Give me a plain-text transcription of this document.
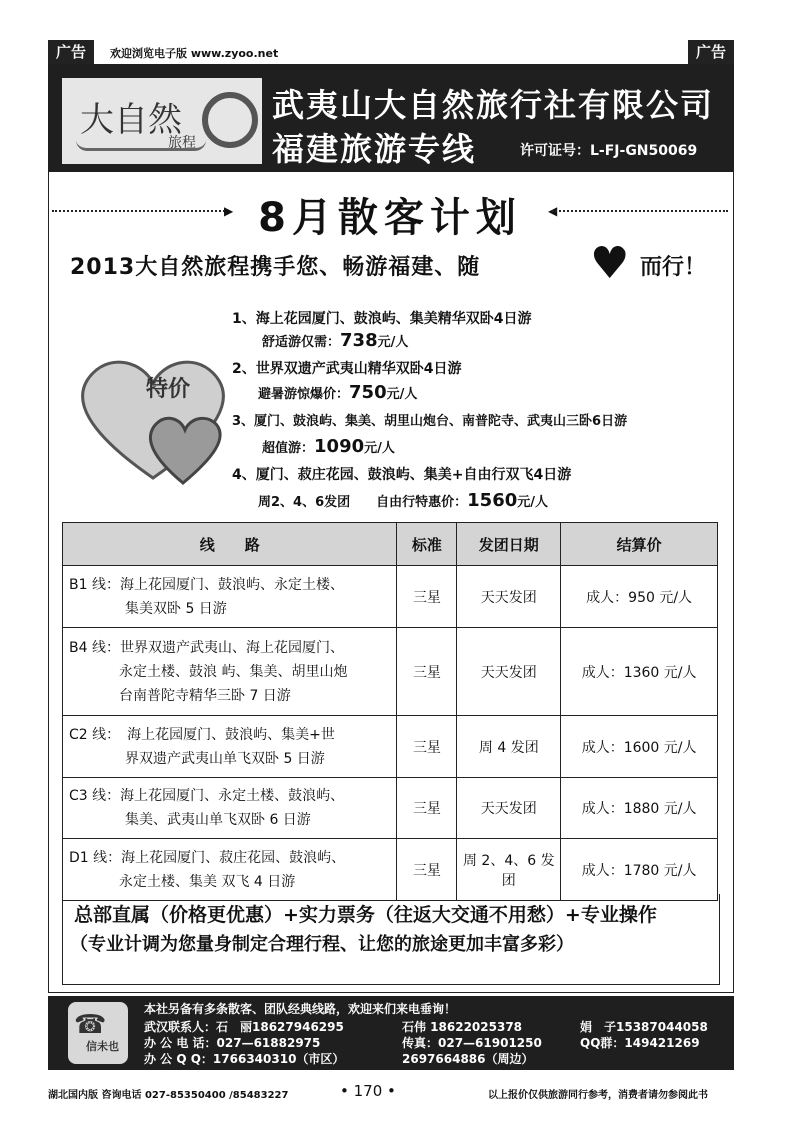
广告	欢迎浏览电子版 www.zyoo.net	广告
大自然
旅程
武夷山大自然旅行社有限公司
福建旅游专线	许可证号：L-FJ-GN50069
▶ 8月散客计划	◀
2013大自然旅程携手您、畅游福建、随 ♥ 而行！
特价
1、海上花园厦门、鼓浪屿、集美精华双卧4日游
舒适游仅需：738元/人
2、世界双遗产武夷山精华双卧4日游
避暑游惊爆价：750元/人
3、厦门、鼓浪屿、集美、胡里山炮台、南普陀寺、武夷山三卧6日游
超值游：1090元/人
4、厦门、菽庄花园、鼓浪屿、集美+自由行双飞4日游
周2、4、6发团　　自由行特惠价：1560元/人
线　　路	标准	发团日期	结算价

B1 线：海上花园厦门、鼓浪屿、永定土楼、
集美双卧 5 日游	三星	天天发团	成人：950 元/人

B4 线：世界双遗产武夷山、海上花园厦门、
永定土楼、鼓浪 屿、集美、胡里山炮
台南普陀寺精华三卧 7 日游	三星	天天发团	成人：1360 元/人

C2 线：　海上花园厦门、鼓浪屿、集美+世
界双遗产武夷山单飞双卧 5 日游	三星	周 4 发团	成人：1600 元/人

C3 线：海上花园厦门、永定土楼、鼓浪屿、
集美、武夷山单飞双卧 6 日游	三星	天天发团	成人：1880 元/人

D1 线：海上花园厦门、菽庄花园、鼓浪屿、
永定土楼、集美 双飞 4 日游	三星	周 2、4、6 发团	成人：1780 元/人
总部直属（价格更优惠）+实力票务（往返大交通不用愁）+专业操作
（专业计调为您量身制定合理行程、让您的旅途更加丰富多彩）
☎
信未也
本社另备有多条散客、团队经典线路，欢迎来们来电垂询！
武汉联系人：石　丽18627946295	石伟 18622025378	娟　子15387044058
办 公 电 话：027—61882975	传真：027—61901250	QQ群：149421269
办 公 Q Q：1766340310（市区）	2697664886（周边）
湖北国内版 咨询电话 027-85350400 /85483227	• 170 •	以上报价仅供旅游同行参考，消费者请勿参阅此书
